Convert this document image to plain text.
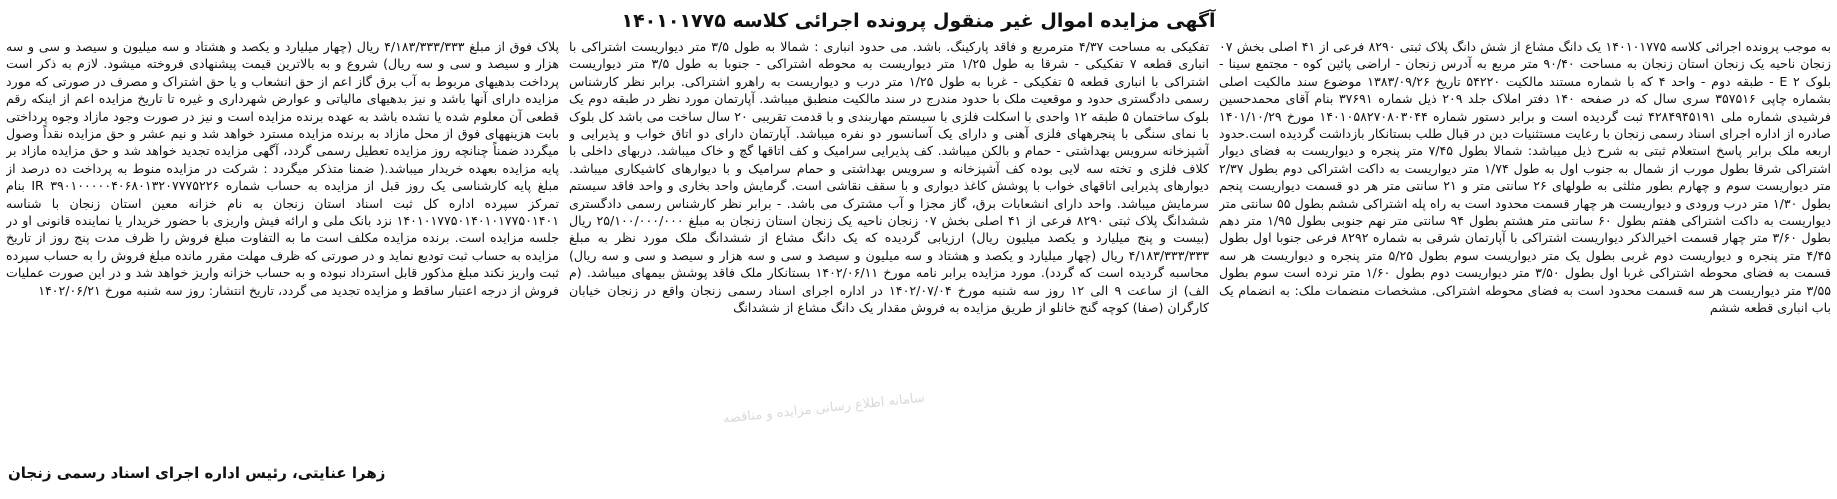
آگهی مزایده اموال غیر منقول پرونده اجرائی کلاسه ۱۴۰۱۰۱۷۷۵

به موجب پرونده اجرائی کلاسه ۱۴۰۱۰۱۷۷۵ یک دانگ مشاع از شش دانگ پلاک ثبتی ۸۲۹۰ فرعی از ۴۱ اصلی بخش ۰۷ زنجان ناحیه یک زنجان استان زنجان به مساحت ۹۰/۴۰ متر مربع به آدرس زنجان - اراضی پائین کوه - مجتمع سینا - بلوک E ۲ - طبقه دوم - واحد ۴ که با شماره مستند مالکیت ۵۴۲۲۰ تاریخ ۱۳۸۳/۰۹/۲۶ موضوع سند مالکیت اصلی بشماره چاپی ۳۵۷۵۱۶ سری سال که در صفحه ۱۴۰ دفتر املاک جلد ۲۰۹ ذیل شماره ۳۷۶۹۱ بنام آقای محمدحسین فرشیدی شماره ملی ۴۲۸۴۹۴۵۱۹۱ ثبت گردیده است و برابر دستور شماره ۱۴۰۱۰۵۸۲۷۰۸۰۳۰۴۴ مورخ ۱۴۰۱/۱۰/۲۹ صادره از اداره اجرای اسناد رسمی زنجان با رعایت مستثنیات دین در قبال طلب بستانکار بازداشت گردیده است.حدود اربعه ملک برابر پاسخ استعلام ثبتی به شرح ذیل میباشد: شمالا بطول ۷/۴۵ متر پنجره و دیواریست به فضای دیوار اشتراکی شرقا بطول مورب از شمال به جنوب اول به طول ۱/۷۴ متر دیواریست به داکت اشتراکی دوم بطول ۲/۳۷ متر دیواریست سوم و چهارم بطور مثلثی به طولهای ۲۶ سانتی متر و ۲۱ سانتی متر هر دو قسمت دیواریست پنجم بطول ۱/۳۰ متر درب ورودی و دیواریست هر چهار قسمت محدود است به راه پله اشتراکی ششم بطول ۵۵ سانتی متر دیواریست به داکت اشتراکی هفتم بطول ۶۰ سانتی متر هشتم بطول ۹۴ سانتی متر نهم جنوبی بطول ۱/۹۵ متر دهم بطول ۳/۶۰ متر چهار قسمت اخیرالذکر دیواریست اشتراکی با آپارتمان شرقی به شماره ۸۲۹۲ فرعی جنوبا اول بطول ۴/۴۵ متر پنجره و دیواریست دوم غربی بطول یک متر دیواریست سوم بطول ۵/۲۵ متر پنجره و دیواریست هر سه قسمت به فضای محوطه اشتراکی غربا اول بطول ۳/۵۰ متر دیواریست دوم بطول ۱/۶۰ متر نرده است سوم بطول ۳/۵۵ متر دیواریست هر سه قسمت محدود است به فضای محوطه اشتراکی. مشخصات منضمات ملک: به انضمام یک باب انباری قطعه ششم

تفکیکی به مساحت ۴/۳۷ مترمربع و فاقد پارکینگ. باشد. می حدود انباری : شمالا به طول ۳/۵ متر دیواریست اشتراکی با انباری قطعه ۷ تفکیکی - شرقا به طول ۱/۲۵ متر دیواریست به محوطه اشتراکی - جنوبا به طول ۳/۵ متر دیواریست اشتراکی با انباری قطعه ۵ تفکیکی - غربا به طول ۱/۲۵ متر درب و دیواریست به راهرو اشتراکی. برابر نظر کارشناس رسمی دادگستری حدود و موقعیت ملک با حدود مندرج در سند مالکیت منطبق میباشد. آپارتمان مورد نظر در طبقه دوم یک بلوک ساختمان ۵ طبقه ۱۲ واحدی با اسکلت فلزی با سیستم مهاربندی و با قدمت تقریبی ۲۰ سال ساخت می باشد کل بلوک با نمای سنگی با پنجرههای فلزی آهنی و دارای یک آسانسور دو نفره میباشد. آپارتمان دارای دو اتاق خواب و پذیرایی و آشپزخانه سرویس بهداشتی - حمام و بالکن میباشد. کف پذیرایی سرامیک و کف اتاقها گچ و خاک میباشد. دربهای داخلی با کلاف فلزی و تخته سه لایی بوده کف آشپزخانه و سرویس بهداشتی و حمام سرامیک و با دیوارهای کاشیکاری میباشد. دیوارهای پذیرایی اتاقهای خواب با پوشش کاغذ دیواری و با سقف نقاشی است. گرمایش واحد بخاری و واحد فاقد سیستم سرمایش میباشد. واحد دارای انشعابات برق، گاز مجزا و آب مشترک می باشد. - برابر نظر کارشناس رسمی دادگستری ششدانگ پلاک ثبتی ۸۲۹۰ فرعی از ۴۱ اصلی بخش ۰۷ زنجان ناحیه یک زنجان استان زنجان به مبلغ ۲۵/۱۰۰/۰۰۰/۰۰۰ ریال (بیست و پنج میلیارد و یکصد میلیون ریال) ارزیابی گردیده که یک دانگ مشاع از ششدانگ ملک مورد نظر به مبلغ ۴/۱۸۳/۳۳۳/۳۳۳ ریال (چهار میلیارد و یکصد و هشتاد و سه میلیون و سیصد و سی و سه هزار و سیصد و سی و سه ریال) محاسبه گردیده است که گردد). مورد مزایده برابر نامه مورخ ۱۴۰۲/۰۶/۱۱ بستانکار ملک فاقد پوشش بیمهای میباشد. (م الف) از ساعت ۹ الی ۱۲ روز سه شنبه مورخ ۱۴۰۲/۰۷/۰۴ در اداره اجرای اسناد رسمی زنجان واقع در زنجان خیابان کارگران (صفا) کوچه گنج خانلو از طریق مزایده به فروش مقدار یک دانگ مشاع از ششدانگ

پلاک فوق از مبلغ ۴/۱۸۳/۳۳۳/۳۳۳ ریال (چهار میلیارد و یکصد و هشتاد و سه میلیون و سیصد و سی و سه هزار و سیصد و سی و سه ریال) شروع و به بالاترین قیمت پیشنهادی فروخته میشود. لازم به ذکر است پرداخت بدهیهای مربوط به آب برق گاز اعم از حق انشعاب و یا حق اشتراک و مصرف در صورتی که مورد مزایده دارای آنها باشد و نیز بدهیهای مالیاتی و عوارض شهرداری و غیره تا تاریخ مزایده اعم از اینکه رقم قطعی آن معلوم شده یا نشده باشد به عهده برنده مزایده است و نیز در صورت وجود مازاد وجوه پرداختی بابت هزینههای فوق از محل مازاد به برنده مزایده مسترد خواهد شد و نیم عشر و حق مزایده نقداً وصول میگردد ضمناً چنانچه روز مزایده تعطیل رسمی گردد، آگهی مزایده تجدید خواهد شد و حق مزایده مازاد بر پایه مزایده بعهده خریدار میباشد.( ضمنا متذکر میگردد : شرکت در مزایده منوط به پرداخت ده درصد از مبلغ پایه کارشناسی یک روز قبل از مزایده به حساب شماره IR ۳۹۰۱۰۰۰۰۰۴۰۶۸۰۱۳۲۰۷۷۷۵۲۲۶ بنام تمرکز سپرده اداره کل ثبت اسناد استان زنجان به نام خزانه معین استان زنجان با شناسه ۱۴۰۱۰۱۷۷۵۰۱۴۰۱۰۱۷۷۵۰۱۴۰۱ نزد بانک ملی و ارائه فیش واریزی با حضور خریدار یا نماینده قانونی او در جلسه مزایده است. برنده مزایده مکلف است ما به التفاوت مبلغ فروش را ظرف مدت پنج روز از تاریخ مزایده به حساب ثبت تودیع نماید و در صورتی که ظرف مهلت مقرر مانده مبلغ فروش را به حساب سپرده ثبت واریز نکند مبلغ مذکور قابل استرداد نبوده و به حساب خزانه واریز خواهد شد و در این صورت عملیات فروش از درجه اعتبار ساقط و مزایده تجدید می گردد، تاریخ انتشار: روز سه شنبه مورخ ۱۴۰۲/۰۶/۲۱

سامانه اطلاع رسانی مزایده و مناقصه
زهرا عنایتی، رئیس اداره اجرای اسناد رسمی زنجان
